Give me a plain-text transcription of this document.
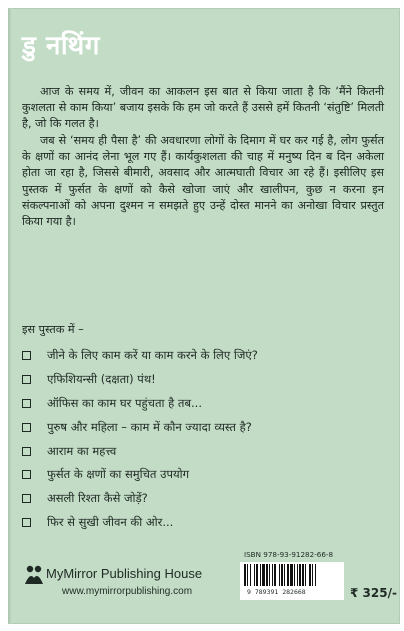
डु नथिंग
आज के समय में, जीवन का आकलन इस बात से किया जाता है कि ‘मैंने कितनी कुशलता से काम किया’ बजाय इसके कि हम जो करते हैं उससे हमें कितनी ‘संतुष्टि’ मिलती है, जो कि गलत है।
जब से ‘समय ही पैसा है’ की अवधारणा लोगों के दिमाग में घर कर गई है, लोग फुर्सत के क्षणों का आनंद लेना भूल गए हैं। कार्यकुशलता की चाह में मनुष्य दिन ब दिन अकेला होता जा रहा है, जिससे बीमारी, अवसाद और आत्मघाती विचार आ रहे हैं। इसीलिए इस पुस्तक में फुर्सत के क्षणों को कैसे खोजा जाएं और खालीपन, कुछ न करना इन संकल्पनाओं को अपना दुश्मन न समझते हुए उन्हें दोस्त मानने का अनोखा विचार प्रस्तुत किया गया है।
इस पुस्तक में –
जीने के लिए काम करें या काम करने के लिए जिएं?
एफिशियन्सी (दक्षता) पंथ!
ऑफिस का काम घर पहुंचता है तब...
पुरुष और महिला – काम में कौन ज्यादा व्यस्त है?
आराम का महत्त्व
फुर्सत के क्षणों का समुचित उपयोग
असली रिश्ता कैसे जोड़ें?
फिर से सुखी जीवन की ओर...
MyMirror Publishing House
www.mymirrorpublishing.com
ISBN 978-93-91282-66-8
9 789391 282668	₹ 325/-
